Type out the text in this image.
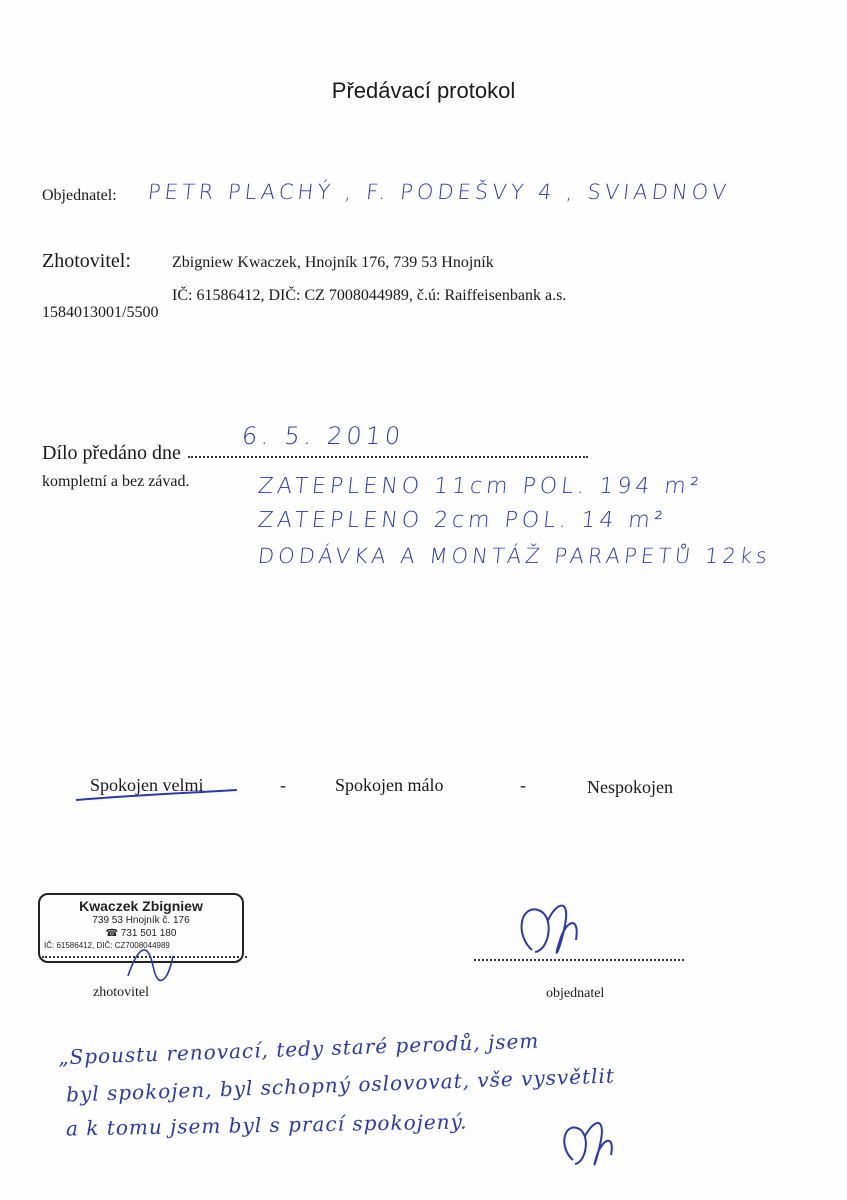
Předávací protokol
Objednatel: PETR PLACHÝ , F. PODEŠVY 4 , SVIADNOV
Zhotovitel:	Zbigniew Kwaczek, Hnojník 176, 739 53 Hnojník
IČ: 61586412, DIČ: CZ 7008044989, č.ú: Raiffeisenbank a.s.
1584013001/5500
Dílo předáno dne
6. 5. 2010
kompletní a bez závad.	ZATEPLENO 11cm POL. 194 m²
ZATEPLENO 2cm POL. 14 m²
DODÁVKA A MONTÁŽ PARAPETŮ 12ks
Spokojen velmi	-	Spokojen málo	-	Nespokojen
Kwaczek Zbigniew
739 53 Hnojník č. 176
☎ 731 501 180
IČ: 61586412, DIČ: CZ7008044989
zhotovitel	objednatel
„Spoustu renovací, tedy staré perodů, jsem
byl spokojen, byl schopný oslovovat, vše vysvětlit
a k tomu jsem byl s prací spokojený.
